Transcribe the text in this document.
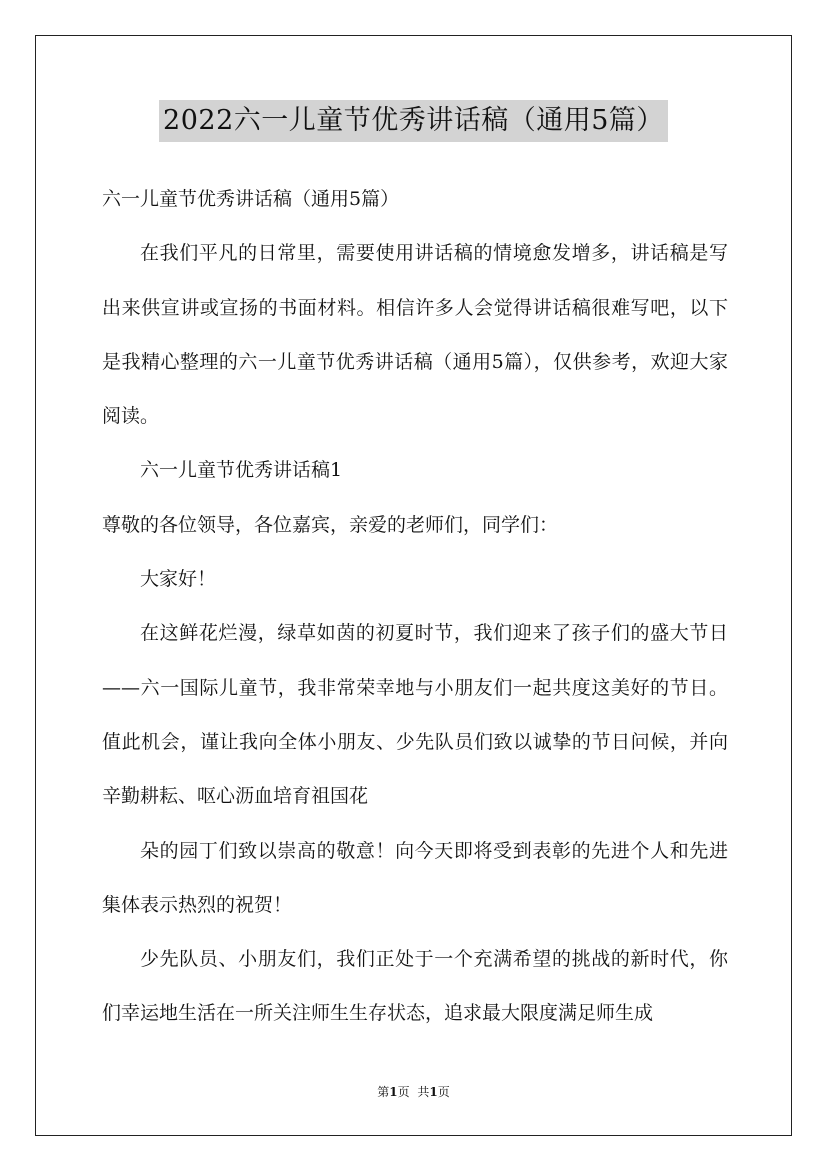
2022六一儿童节优秀讲话稿（通用5篇）

六一儿童节优秀讲话稿（通用5篇）

在我们平凡的日常里，需要使用讲话稿的情境愈发增多，讲话稿是写出来供宣讲或宣扬的书面材料。相信许多人会觉得讲话稿很难写吧，以下是我精心整理的六一儿童节优秀讲话稿（通用5篇），仅供参考，欢迎大家阅读。

六一儿童节优秀讲话稿1

尊敬的各位领导，各位嘉宾，亲爱的老师们，同学们：

大家好！

在这鲜花烂漫，绿草如茵的初夏时节，我们迎来了孩子们的盛大节日——六一国际儿童节，我非常荣幸地与小朋友们一起共度这美好的节日。值此机会，谨让我向全体小朋友、少先队员们致以诚挚的节日问候，并向辛勤耕耘、呕心沥血培育祖国花

朵的园丁们致以崇高的敬意！向今天即将受到表彰的先进个人和先进集体表示热烈的祝贺！

少先队员、小朋友们，我们正处于一个充满希望的挑战的新时代，你们幸运地生活在一所关注师生生存状态，追求最大限度满足师生成

第1页 共1页
